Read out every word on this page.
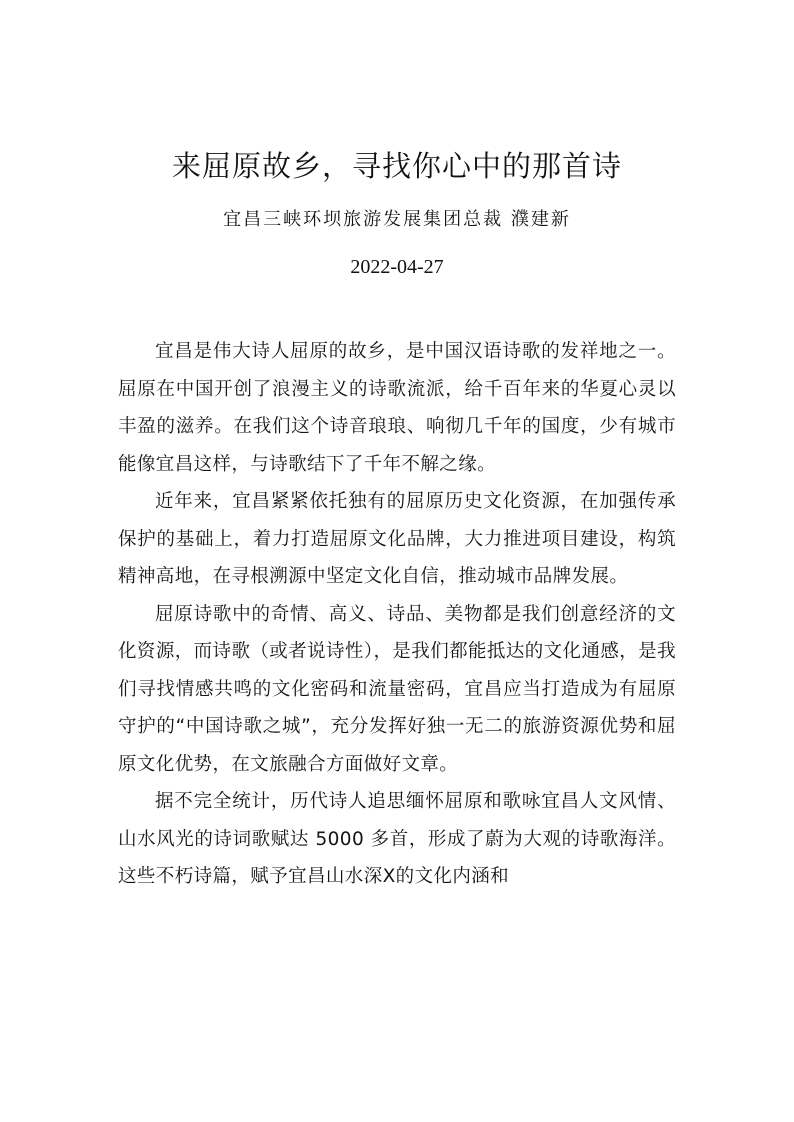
来屈原故乡，寻找你心中的那首诗
宜昌三峡环坝旅游发展集团总裁 濮建新
2022-04-27

宜昌是伟大诗人屈原的故乡，是中国汉语诗歌的发祥地之一。屈原在中国开创了浪漫主义的诗歌流派，给千百年来的华夏心灵以丰盈的滋养。在我们这个诗音琅琅、响彻几千年的国度，少有城市能像宜昌这样，与诗歌结下了千年不解之缘。

近年来，宜昌紧紧依托独有的屈原历史文化资源，在加强传承保护的基础上，着力打造屈原文化品牌，大力推进项目建设，构筑精神高地，在寻根溯源中坚定文化自信，推动城市品牌发展。

屈原诗歌中的奇情、高义、诗品、美物都是我们创意经济的文化资源，而诗歌（或者说诗性），是我们都能抵达的文化通感，是我们寻找情感共鸣的文化密码和流量密码，宜昌应当打造成为有屈原守护的“中国诗歌之城”，充分发挥好独一无二的旅游资源优势和屈原文化优势，在文旅融合方面做好文章。

据不完全统计，历代诗人追思缅怀屈原和歌咏宜昌人文风情、山水风光的诗词歌赋达 5000 多首，形成了蔚为大观的诗歌海洋。这些不朽诗篇，赋予宜昌山水深X的文化内涵和
